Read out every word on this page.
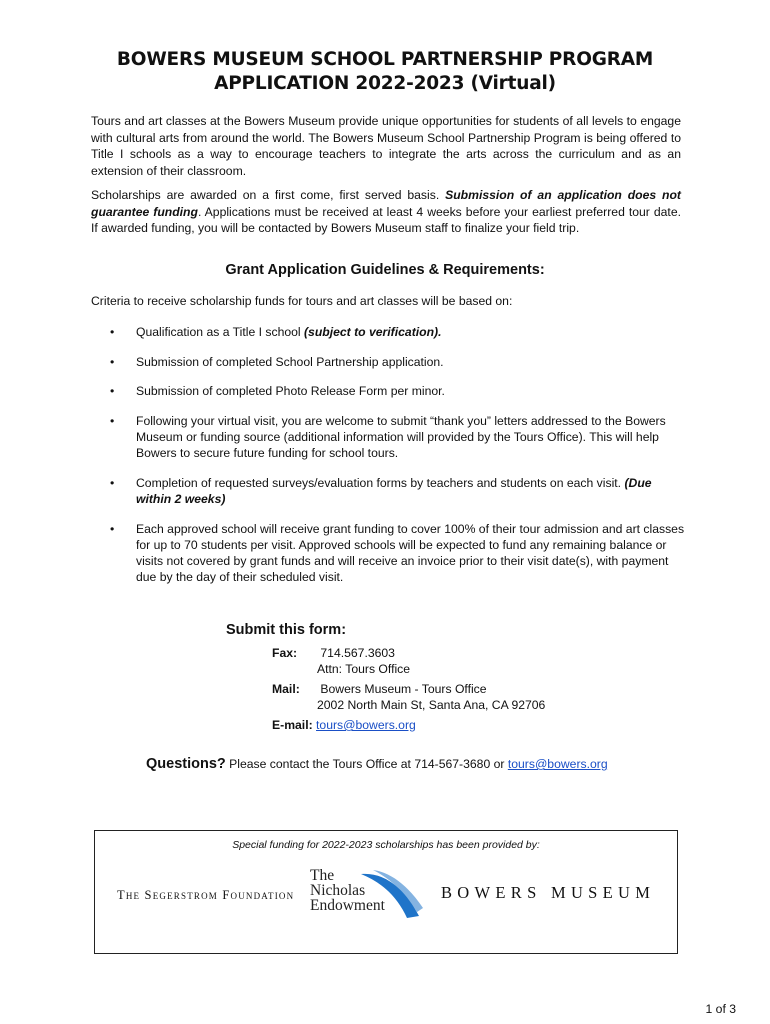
BOWERS MUSEUM SCHOOL PARTNERSHIP PROGRAM
APPLICATION 2022-2023 (Virtual)
Tours and art classes at the Bowers Museum provide unique opportunities for students of all levels to engage with cultural arts from around the world. The Bowers Museum School Partnership Program is being offered to Title I schools as a way to encourage teachers to integrate the arts across the curriculum and as an extension of their classroom.
Scholarships are awarded on a first come, first served basis. Submission of an application does not guarantee funding. Applications must be received at least 4 weeks before your earliest preferred tour date. If awarded funding, you will be contacted by Bowers Museum staff to finalize your field trip.
Grant Application Guidelines & Requirements:
Criteria to receive scholarship funds for tours and art classes will be based on:
• Qualification as a Title I school (subject to verification).
• Submission of completed School Partnership application.
• Submission of completed Photo Release Form per minor.
• Following your virtual visit, you are welcome to submit “thank you” letters addressed to the Bowers Museum or funding source (additional information will provided by the Tours Office). This will help Bowers to secure future funding for school tours.
• Completion of requested surveys/evaluation forms by teachers and students on each visit. (Due within 2 weeks)
• Each approved school will receive grant funding to cover 100% of their tour admission and art classes for up to 70 students per visit. Approved schools will be expected to fund any remaining balance or visits not covered by grant funds and will receive an invoice prior to their visit date(s), with payment due by the day of their scheduled visit.
Submit this form:
Fax: 714.567.3603
Attn: Tours Office
Mail: Bowers Museum - Tours Office
2002 North Main St, Santa Ana, CA 92706
E-mail: tours@bowers.org
Questions? Please contact the Tours Office at 714-567-3680 or tours@bowers.org
Special funding for 2022-2023 scholarships has been provided by:
The Segerstrom Foundation
The
Nicholas
Endowment
BOWERS MUSEUM
1 of 3
